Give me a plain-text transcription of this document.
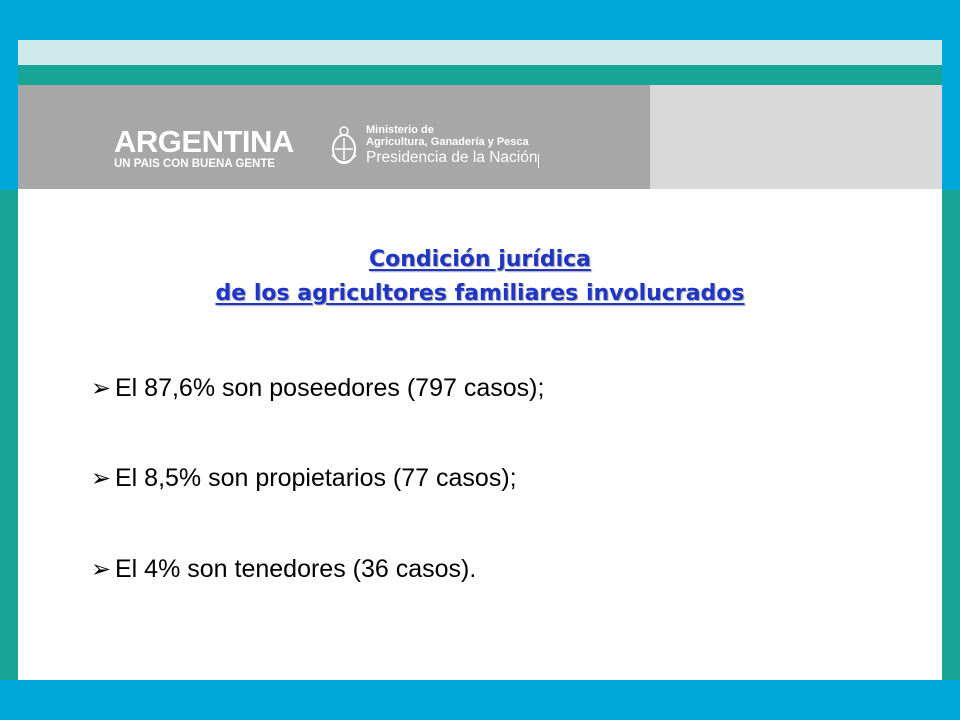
ARGENTINA
UN PAIS CON BUENA GENTE
Ministerio de
Agricultura, Ganadería y Pesca
Presidencia de la Nación
Condición jurídica
de los agricultores familiares involucrados
➢ El 87,6% son poseedores (797 casos);
➢ El 8,5% son propietarios (77 casos);
➢ El 4% son tenedores (36 casos).
